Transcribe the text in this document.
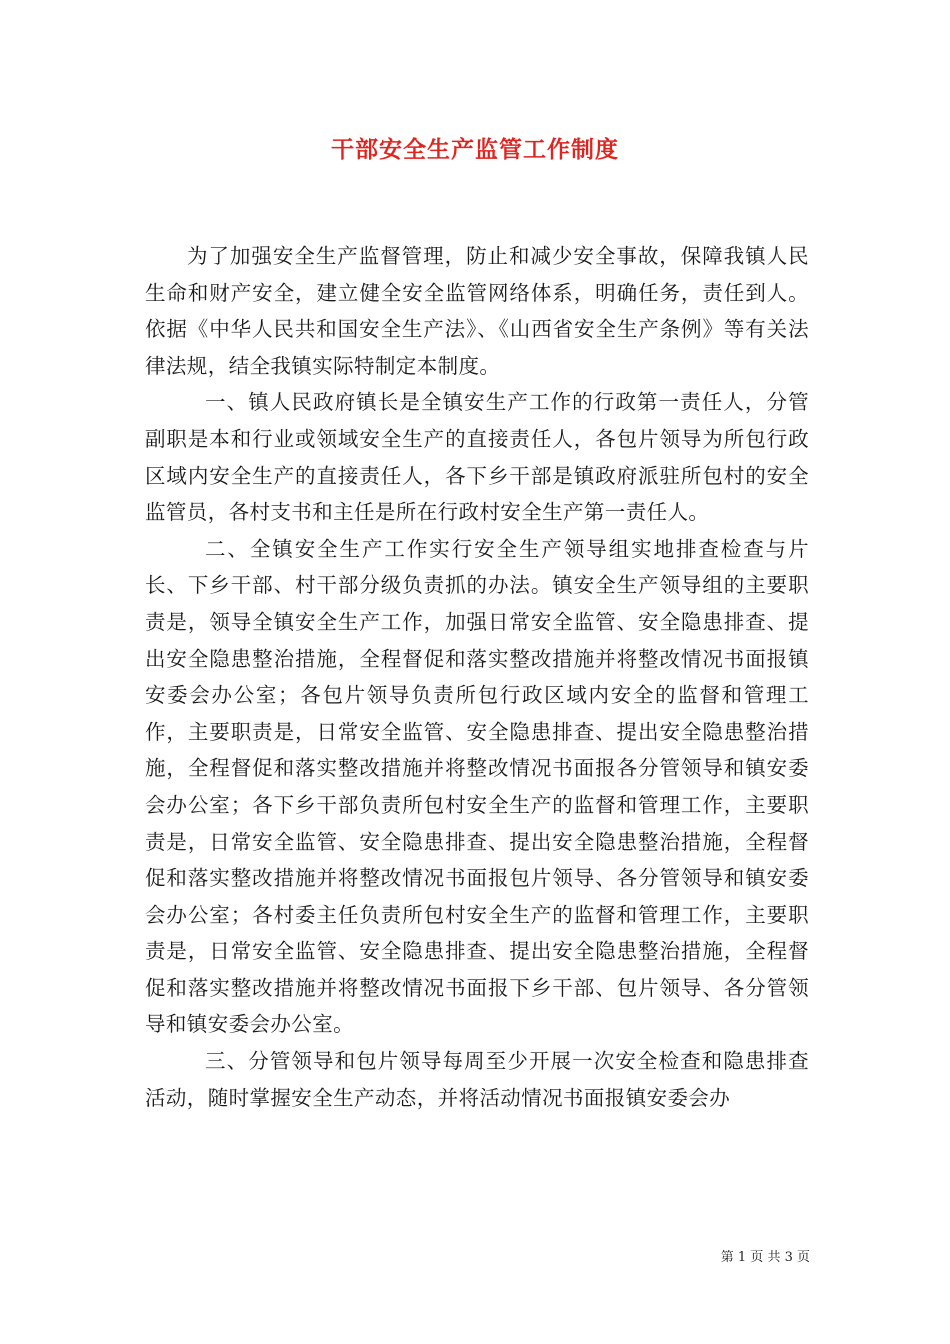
干部安全生产监管工作制度

为了加强安全生产监督管理，防止和减少安全事故，保障我镇人民生命和财产安全，建立健全安全监管网络体系，明确任务，责任到人。依据《中华人民共和国安全生产法》、《山西省安全生产条例》等有关法律法规，结全我镇实际特制定本制度。

一、镇人民政府镇长是全镇安生产工作的行政第一责任人，分管副职是本和行业或领域安全生产的直接责任人，各包片领导为所包行政区域内安全生产的直接责任人，各下乡干部是镇政府派驻所包村的安全监管员，各村支书和主任是所在行政村安全生产第一责任人。

二、全镇安全生产工作实行安全生产领导组实地排查检查与片长、下乡干部、村干部分级负责抓的办法。镇安全生产领导组的主要职责是，领导全镇安全生产工作，加强日常安全监管、安全隐患排查、提出安全隐患整治措施，全程督促和落实整改措施并将整改情况书面报镇安委会办公室；各包片领导负责所包行政区域内安全的监督和管理工作，主要职责是，日常安全监管、安全隐患排查、提出安全隐患整治措施，全程督促和落实整改措施并将整改情况书面报各分管领导和镇安委会办公室；各下乡干部负责所包村安全生产的监督和管理工作，主要职责是，日常安全监管、安全隐患排查、提出安全隐患整治措施，全程督促和落实整改措施并将整改情况书面报包片领导、各分管领导和镇安委会办公室；各村委主任负责所包村安全生产的监督和管理工作，主要职责是，日常安全监管、安全隐患排查、提出安全隐患整治措施，全程督促和落实整改措施并将整改情况书面报下乡干部、包片领导、各分管领导和镇安委会办公室。

三、分管领导和包片领导每周至少开展一次安全检查和隐患排查活动，随时掌握安全生产动态，并将活动情况书面报镇安委会办

第 1 页 共 3 页
